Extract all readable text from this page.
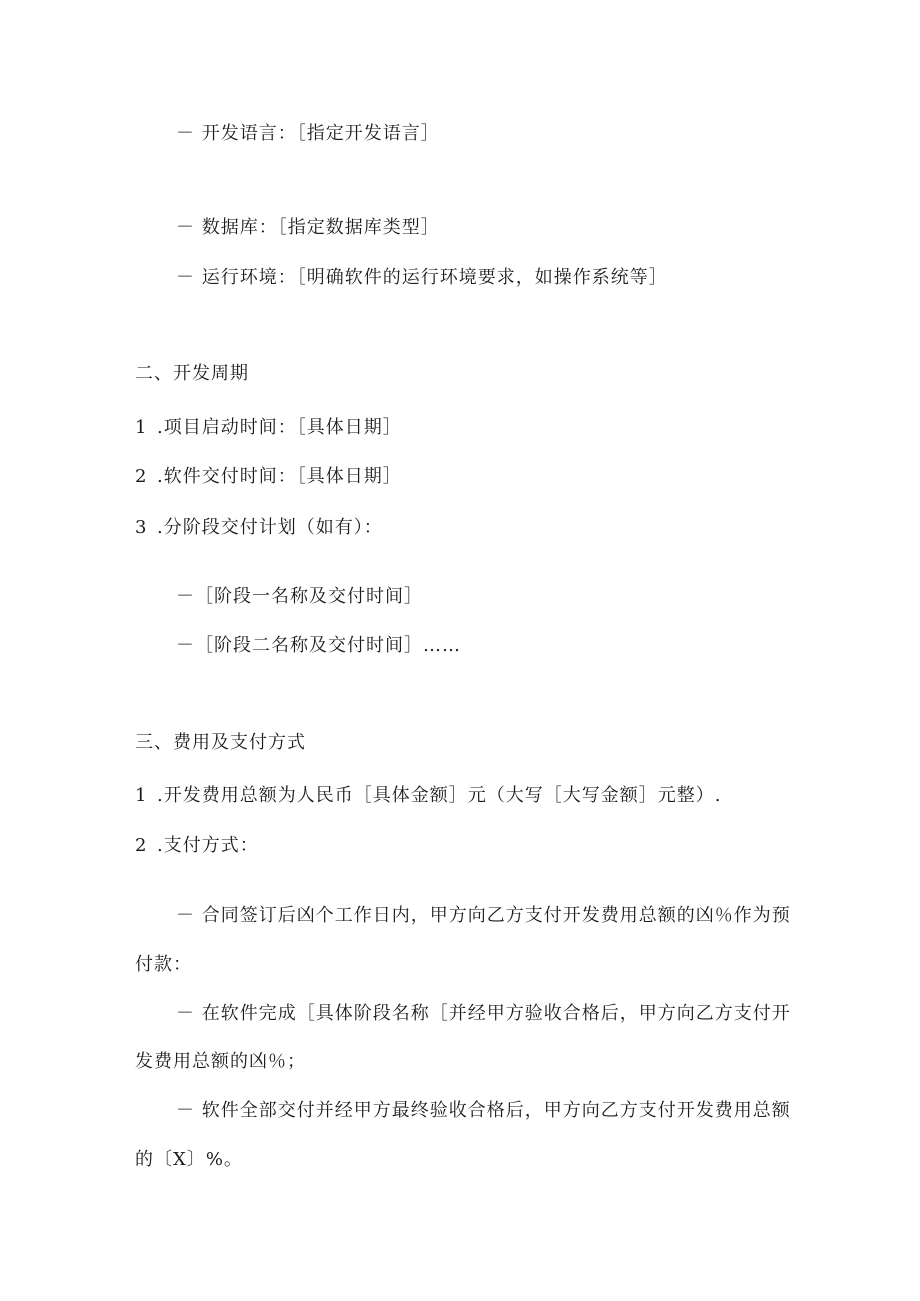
－ 开发语言：［指定开发语言］
－ 数据库：［指定数据库类型］
－ 运行环境：［明确软件的运行环境要求，如操作系统等］
二、开发周期
1 .项目启动时间：［具体日期］
2 .软件交付时间：［具体日期］
3 .分阶段交付计划（如有）：
－［阶段一名称及交付时间］
－［阶段二名称及交付时间］……
三、费用及支付方式
1 .开发费用总额为人民币［具体金额］元（大写［大写金额］元整）.
2 .支付方式：
－ 合同签订后凶个工作日内，甲方向乙方支付开发费用总额的凶％作为预
付款：
－ 在软件完成［具体阶段名称［并经甲方验收合格后，甲方向乙方支付开
发费用总额的凶％；
－ 软件全部交付并经甲方最终验收合格后，甲方向乙方支付开发费用总额
的〔X〕%。
